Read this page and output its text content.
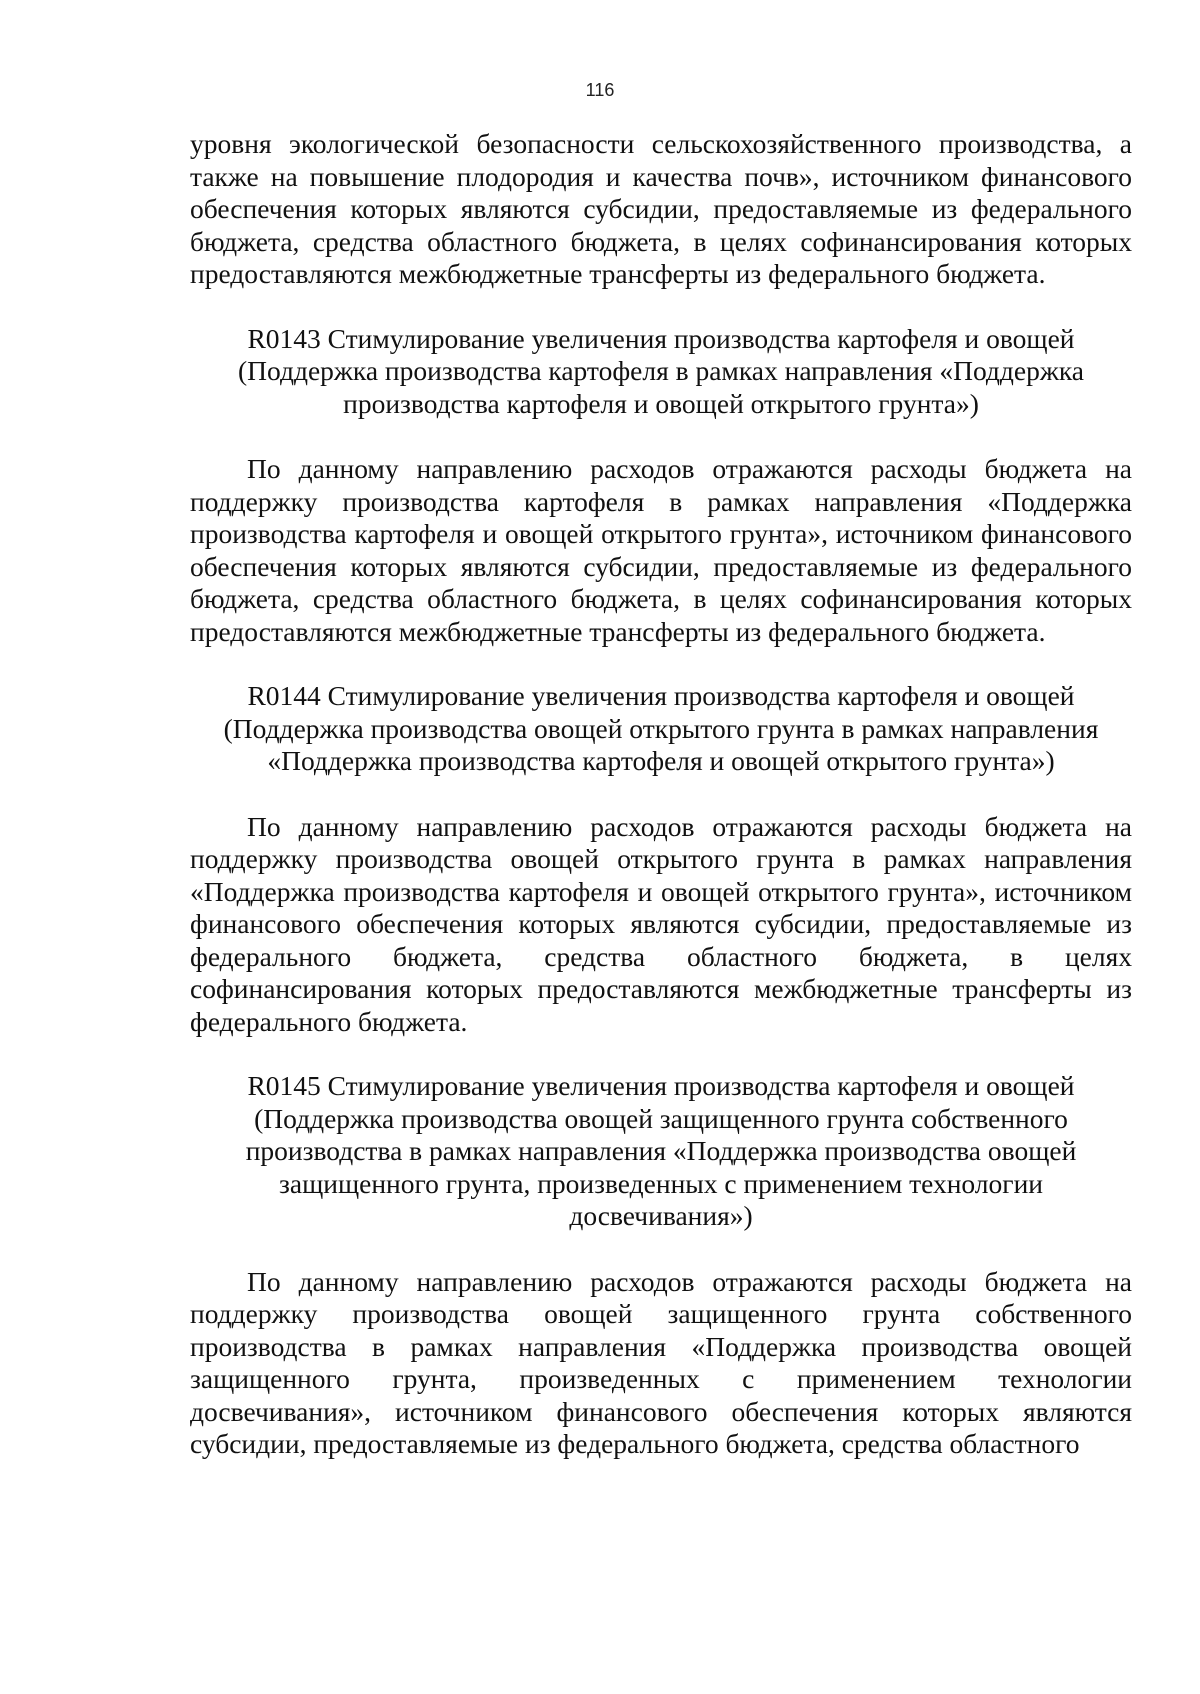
116

уровня экологической безопасности сельскохозяйственного производства, а также на повышение плодородия и качества почв», источником финансового обеспечения которых являются субсидии, предоставляемые из федерального бюджета, средства областного бюджета, в целях софинансирования которых предоставляются межбюджетные трансферты из федерального бюджета.

R0143 Стимулирование увеличения производства картофеля и овощей
(Поддержка производства картофеля в рамках направления «Поддержка
производства картофеля и овощей открытого грунта»)

По данному направлению расходов отражаются расходы бюджета на поддержку производства картофеля в рамках направления «Поддержка производства картофеля и овощей открытого грунта», источником финансового обеспечения которых являются субсидии, предоставляемые из федерального бюджета, средства областного бюджета, в целях софинансирования которых предоставляются межбюджетные трансферты из федерального бюджета.

R0144 Стимулирование увеличения производства картофеля и овощей
(Поддержка производства овощей открытого грунта в рамках направления
«Поддержка производства картофеля и овощей открытого грунта»)

По данному направлению расходов отражаются расходы бюджета на поддержку производства овощей открытого грунта в рамках направления «Поддержка производства картофеля и овощей открытого грунта», источником финансового обеспечения которых являются субсидии, предоставляемые из федерального бюджета, средства областного бюджета, в целях софинансирования которых предоставляются межбюджетные трансферты из федерального бюджета.

R0145 Стимулирование увеличения производства картофеля и овощей
(Поддержка производства овощей защищенного грунта собственного
производства в рамках направления «Поддержка производства овощей
защищенного грунта, произведенных с применением технологии
досвечивания»)

По данному направлению расходов отражаются расходы бюджета на поддержку производства овощей защищенного грунта собственного производства в рамках направления «Поддержка производства овощей защищенного грунта, произведенных с применением технологии досвечивания», источником финансового обеспечения которых являются субсидии, предоставляемые из федерального бюджета, средства областного
